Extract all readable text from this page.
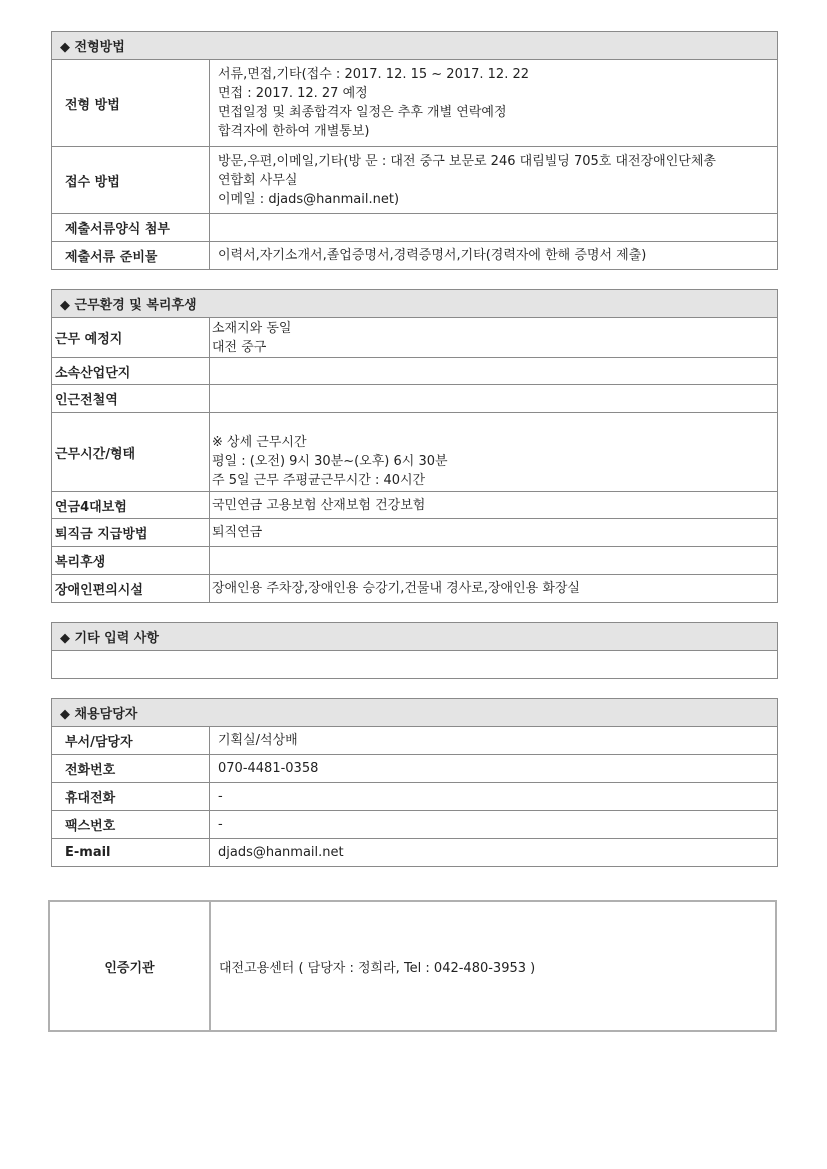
◆ 전형방법	
전형 방법	서류,면접,기타(접수 : 2017. 12. 15 ~ 2017. 12. 22
면접 : 2017. 12. 27 예정
면접일정 및 최종합격자 일정은 추후 개별 연락예정
합격자에 한하여 개별통보)

접수 방법	방문,우편,이메일,기타(방 문 : 대전 중구 보문로 246 대림빌딩 705호 대전장애인단체총
연합회 사무실
이메일 : djads@hanmail.net)

제출서류양식 첨부	
제출서류 준비물	이력서,자기소개서,졸업증명서,경력증명서,기타(경력자에 한해 증명서 제출)
◆ 근무환경 및 복리후생	
근무 예정지	소재지와 동일
대전 중구

소속산업단지	
인근전철역	
근무시간/형태	※ 상세 근무시간
평일 : (오전) 9시 30분~(오후) 6시 30분
주 5일 근무 주평균근무시간 : 40시간

연금4대보험	국민연금 고용보험 산재보험 건강보험
퇴직금 지급방법	퇴직연금
복리후생	
장애인편의시설	장애인용 주차장,장애인용 승강기,건물내 경사로,장애인용 화장실
◆ 기타 입력 사항

◆ 채용담당자	
부서/담당자	기획실/석상배
전화번호	070-4481-0358
휴대전화	-
팩스번호	-
E-mail	djads@hanmail.net
인증기관	대전고용센터 ( 담당자 : 정희라, Tel : 042-480-3953 )
